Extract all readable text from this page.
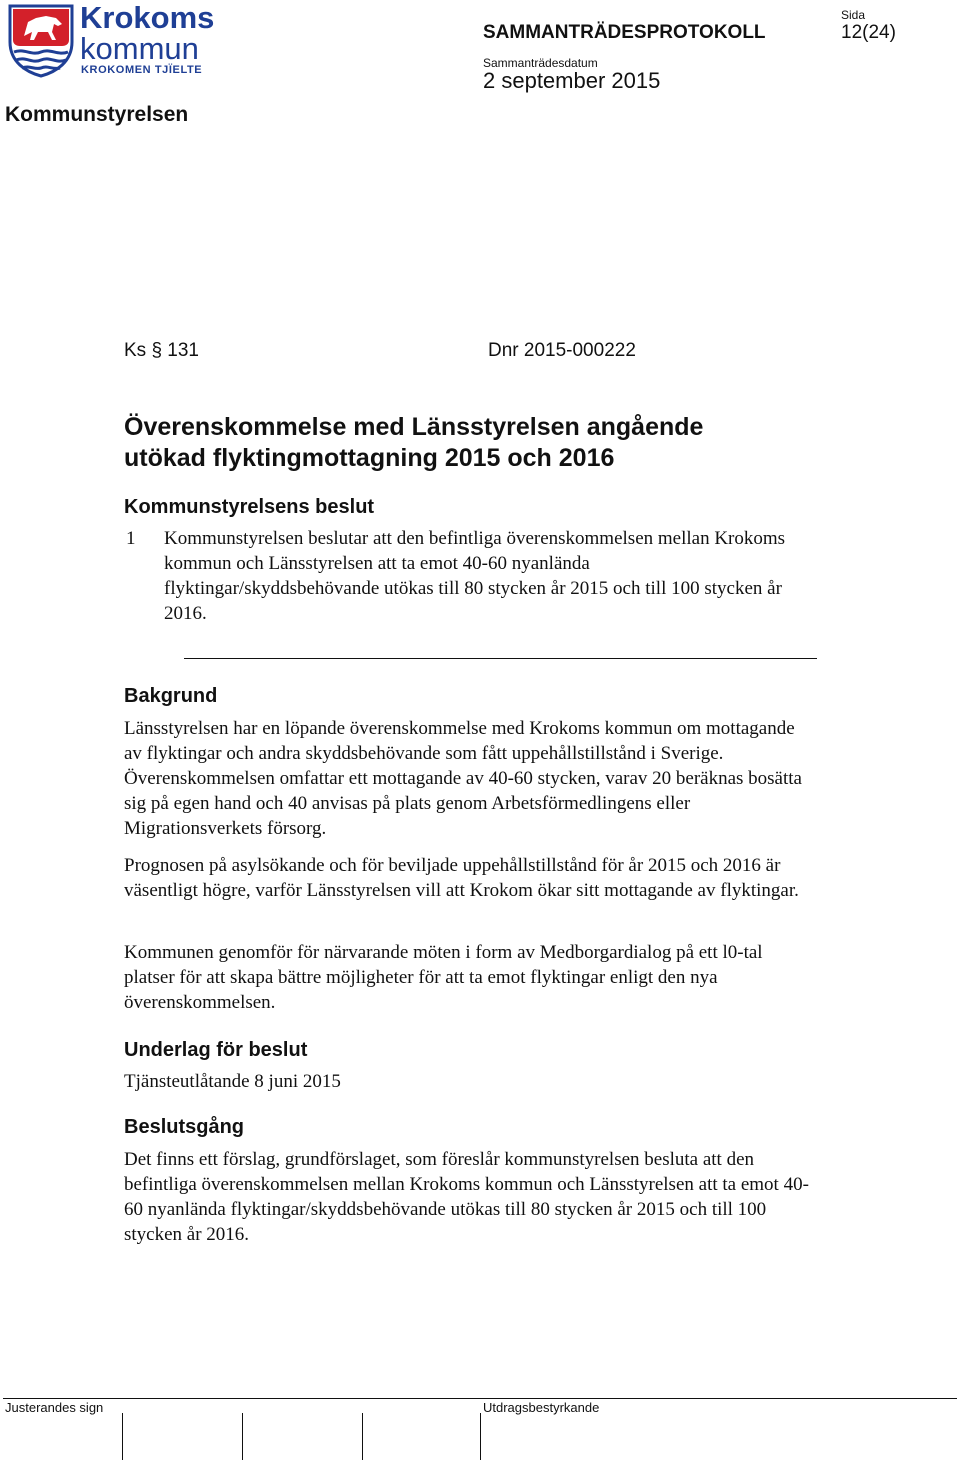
Krokoms
kommun
KROKOMEN TJÏELTE
SAMMANTRÄDESPROTOKOLL
Sammanträdesdatum
2 september 2015
Sida
12(24)
Kommunstyrelsen
Ks § 131	Dnr 2015-000222
Överenskommelse med Länsstyrelsen angående
utökad flyktingmottagning 2015 och 2016
Kommunstyrelsens beslut
1 Kommunstyrelsen beslutar att den befintliga överenskommelsen mellan Krokoms kommun och Länsstyrelsen att ta emot 40-60 nyanlända flyktingar/skyddsbehövande utökas till 80 stycken år 2015 och till 100 stycken år 2016.
Bakgrund
Länsstyrelsen har en löpande överenskommelse med Krokoms kommun om mottagande av flyktingar och andra skyddsbehövande som fått uppehållstillstånd i Sverige. Överenskommelsen omfattar ett mottagande av 40-60 stycken, varav 20 beräknas bosätta sig på egen hand och 40 anvisas på plats genom Arbetsförmedlingens eller Migrationsverkets försorg.
Prognosen på asylsökande och för beviljade uppehållstillstånd för år 2015 och 2016 är väsentligt högre, varför Länsstyrelsen vill att Krokom ökar sitt mottagande av flyktingar.
Kommunen genomför för närvarande möten i form av Medborgardialog på ett l0-tal platser för att skapa bättre möjligheter för att ta emot flyktingar enligt den nya överenskommelsen.
Underlag för beslut
Tjänsteutlåtande 8 juni 2015
Beslutsgång
Det finns ett förslag, grundförslaget, som föreslår kommunstyrelsen besluta att den befintliga överenskommelsen mellan Krokoms kommun och Länsstyrelsen att ta emot 40-60 nyanlända flyktingar/skyddsbehövande utökas till 80 stycken år 2015 och till 100 stycken år 2016.
Justerandes sign	Utdragsbestyrkande
